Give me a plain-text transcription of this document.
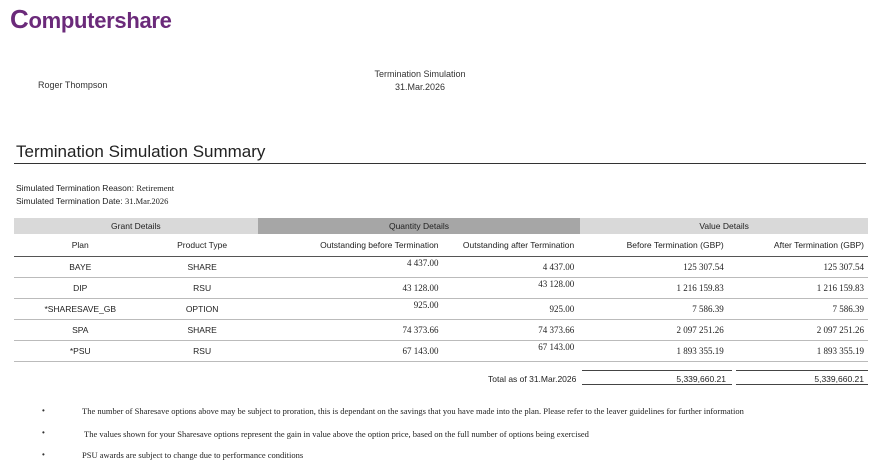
Computershare
Roger Thompson
Termination Simulation
31.Mar.2026
Termination Simulation Summary
Simulated Termination Reason: Retirement
Simulated Termination Date: 31.Mar.2026
Grant Details		Quantity Details		Value Details	
Plan	Product Type	Outstanding before Termination	Outstanding after Termination	Before Termination (GBP)	After Termination (GBP)
BAYE	SHARE	4 437.00	4 437.00	125 307.54	125 307.54
DIP	RSU	43 128.00	43 128.00	1 216 159.83	1 216 159.83
*SHARESAVE_GB	OPTION	925.00	925.00	7 586.39	7 586.39
SPA	SHARE	74 373.66	74 373.66	2 097 251.26	2 097 251.26
*PSU	RSU	67 143.00	67 143.00	1 893 355.19	1 893 355.19
Total as of 31.Mar.2026	5,339,660.21	5,339,660.21
•	The number of Sharesave options above may be subject to proration, this is dependant on the savings that you have made into the plan. Please refer to the leaver guidelines for further information
•	The values shown for your Sharesave options represent the gain in value above the option price, based on the full number of options being exercised
•	PSU awards are subject to change due to performance conditions
